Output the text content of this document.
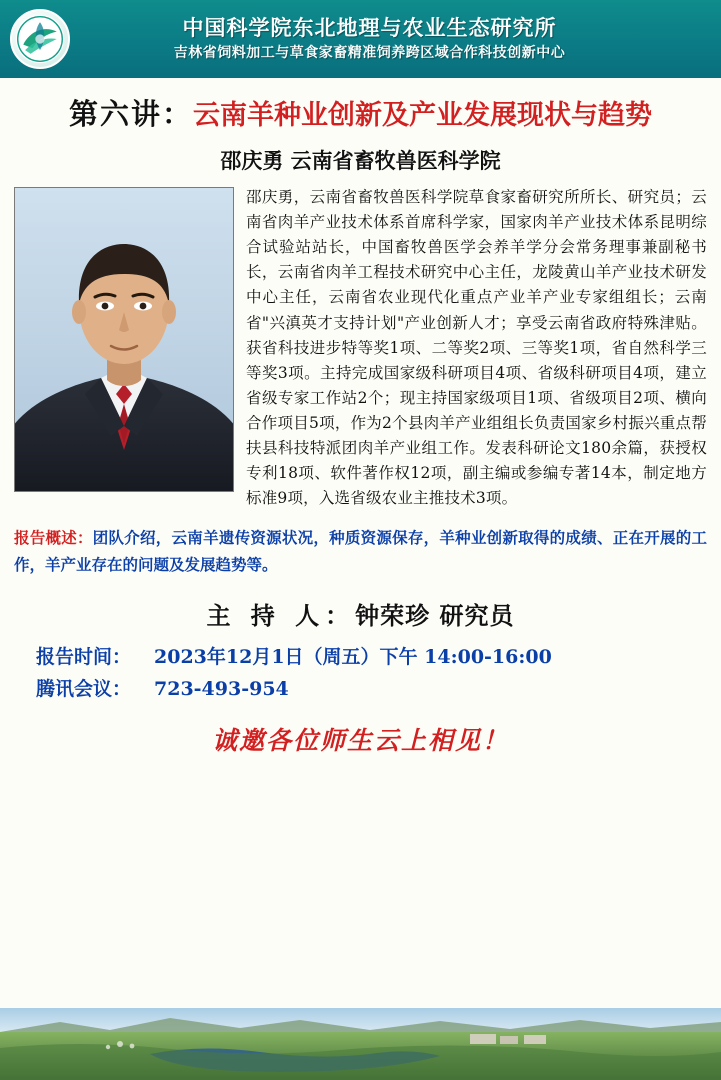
中国科学院东北地理与农业生态研究所
吉林省饲料加工与草食家畜精准饲养跨区域合作科技创新中心
第六讲： 云南羊种业创新及产业发展现状与趋势
邵庆勇 云南省畜牧兽医科学院
邵庆勇，云南省畜牧兽医科学院草食家畜研究所所长、研究员；云南省肉羊产业技术体系首席科学家，国家肉羊产业技术体系昆明综合试验站站长，中国畜牧兽医学会养羊学分会常务理事兼副秘书长，云南省肉羊工程技术研究中心主任，龙陵黄山羊产业技术研发中心主任，云南省农业现代化重点产业羊产业专家组组长；云南省"兴滇英才支持计划"产业创新人才；享受云南省政府特殊津贴。获省科技进步特等奖1项、二等奖2项、三等奖1项，省自然科学三等奖3项。主持完成国家级科研项目4项、省级科研项目4项，建立省级专家工作站2个；现主持国家级项目1项、省级项目2项、横向合作项目5项，作为2个县肉羊产业组组长负责国家乡村振兴重点帮扶县科技特派团肉羊产业组工作。发表科研论文180余篇，获授权专利18项、软件著作权12项，副主编或参编专著14本，制定地方标准9项，入选省级农业主推技术3项。
报告概述：团队介绍，云南羊遗传资源状况，种质资源保存，羊种业创新取得的成绩、正在开展的工作，羊产业存在的问题及发展趋势等。
主 持 人：钟荣珍 研究员
报告时间：	2023年12月1日（周五）下午 14:00-16:00
腾讯会议：	723-493-954
诚邀各位师生云上相见！
